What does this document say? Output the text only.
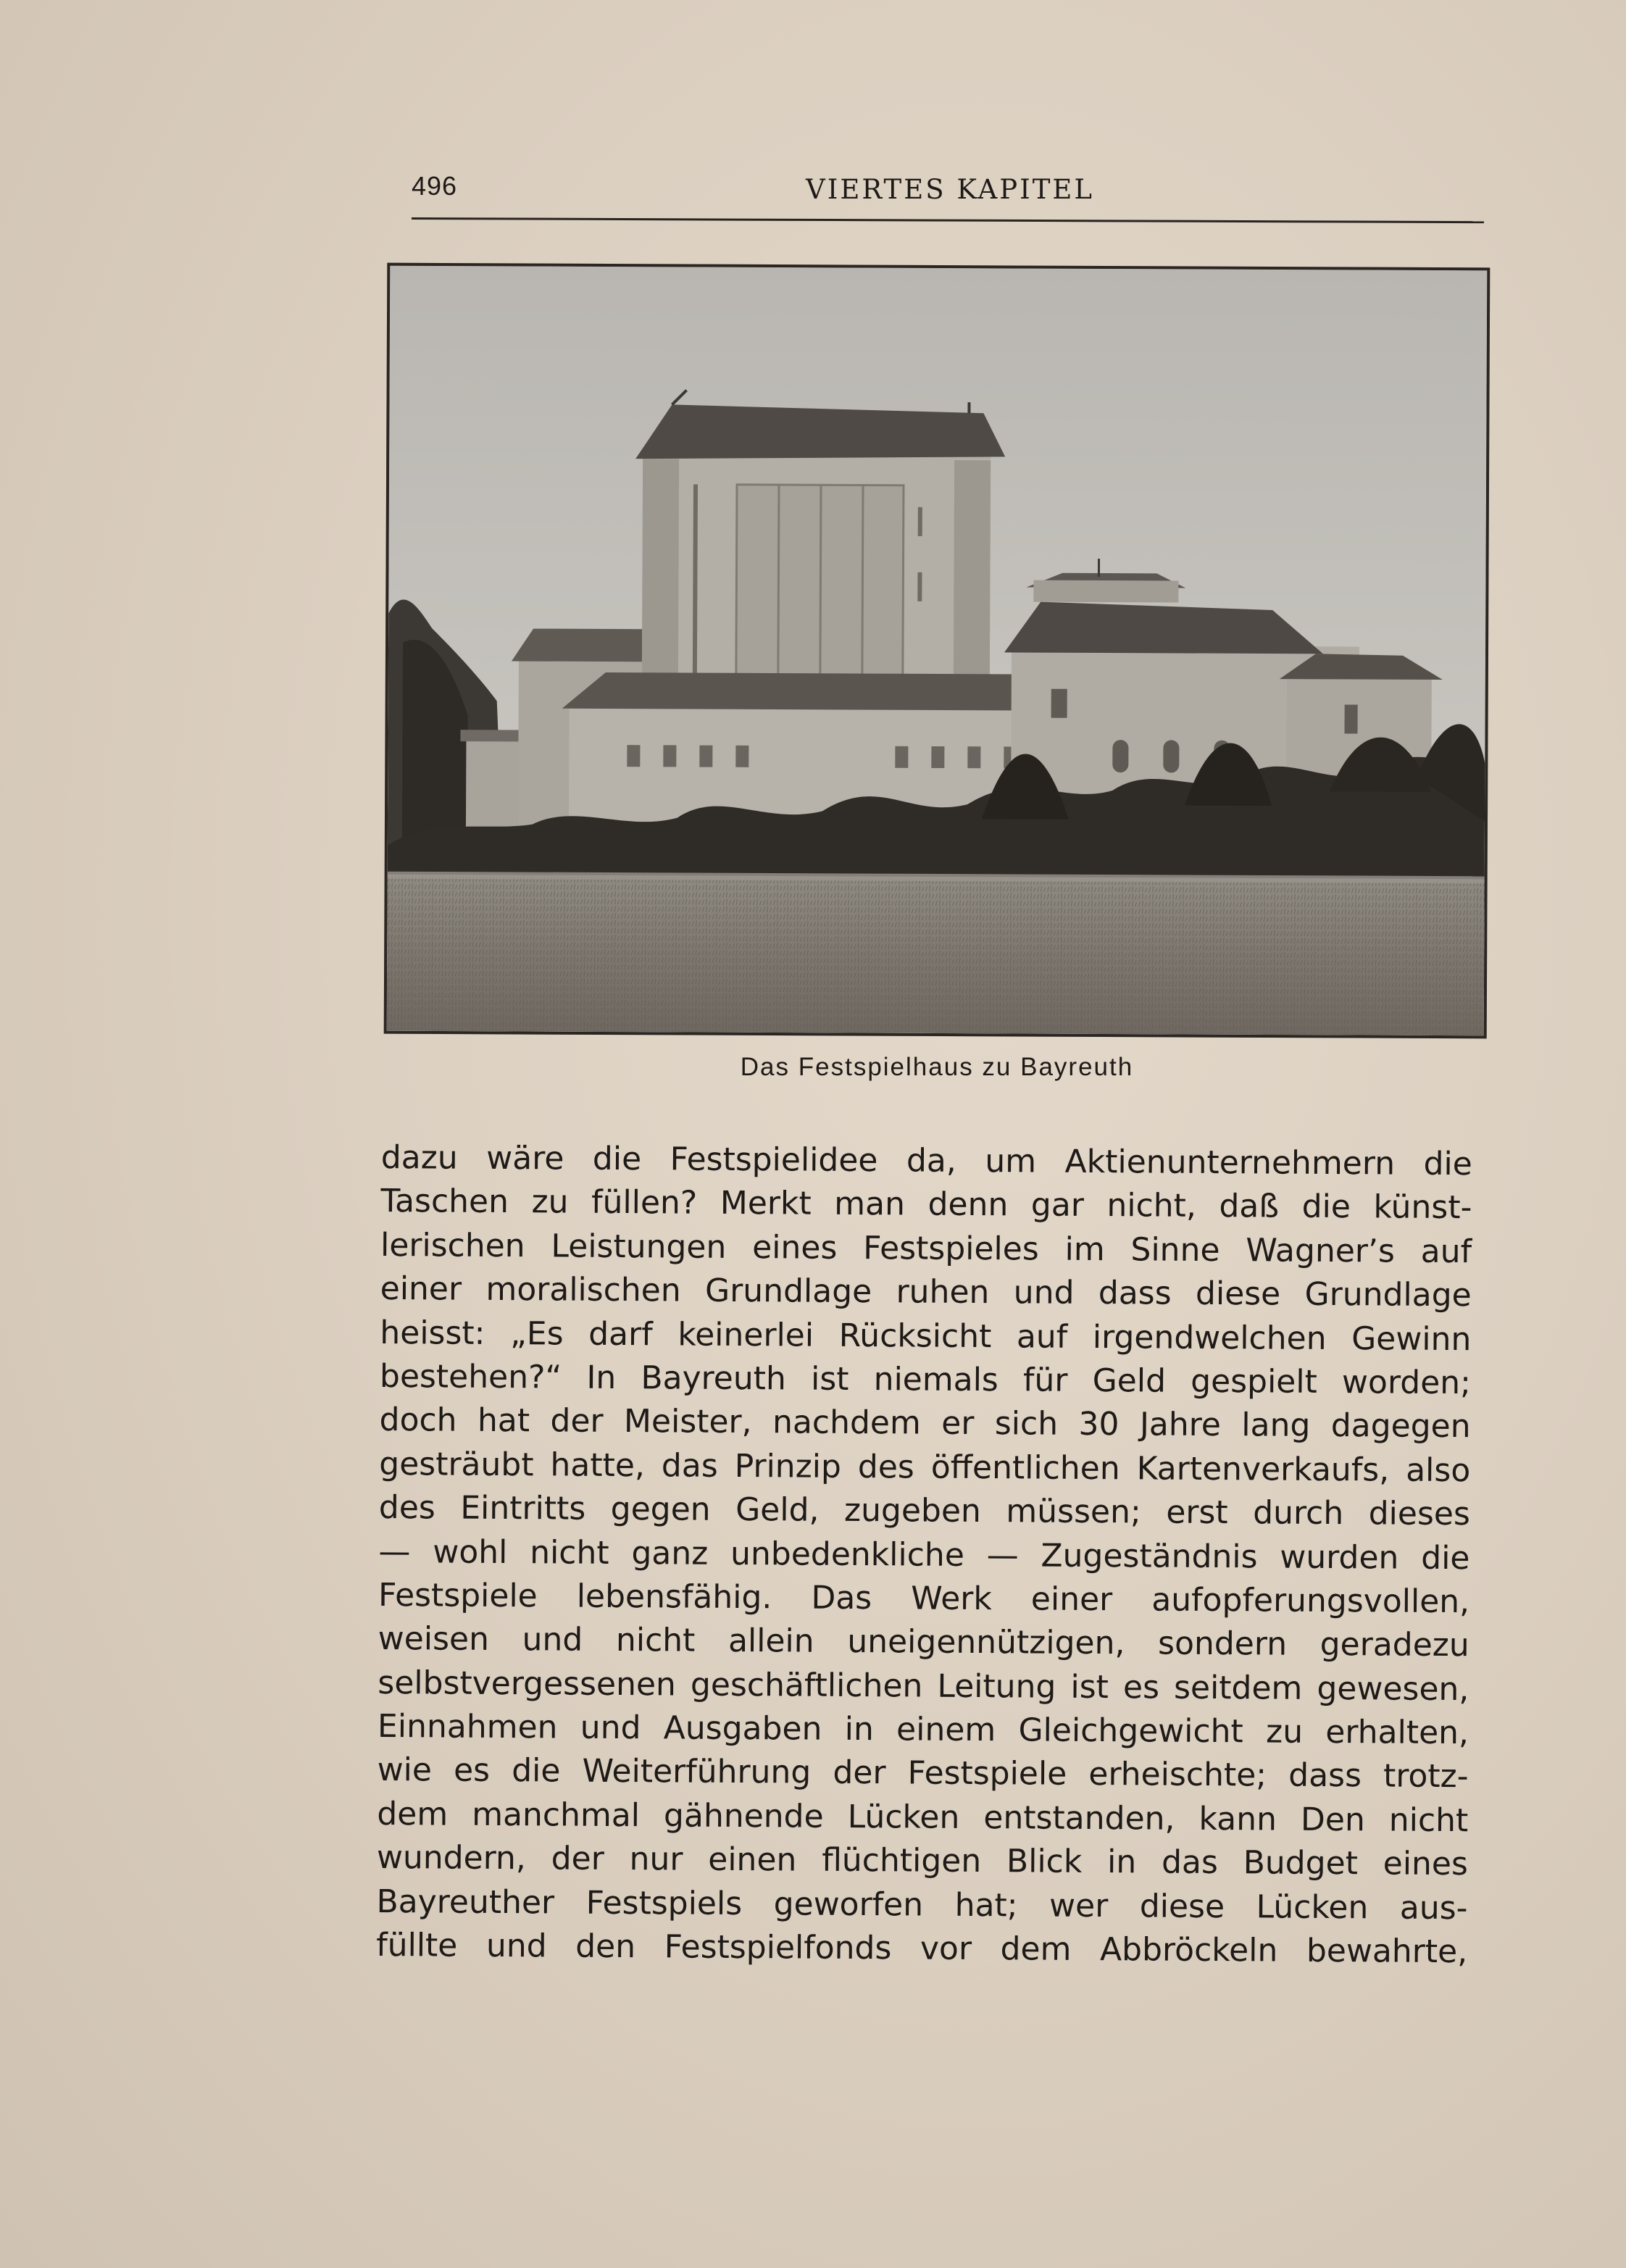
496	VIERTES KAPITEL
Das Festspielhaus zu Bayreuth
dazu wäre die Festspielidee da, um Aktienunternehmern die
Taschen zu füllen? Merkt man denn gar nicht, daß die künst-
lerischen Leistungen eines Festspieles im Sinne Wagner’s auf
einer moralischen Grundlage ruhen und dass diese Grundlage
heisst: „Es darf keinerlei Rücksicht auf irgendwelchen Gewinn
bestehen?“ In Bayreuth ist niemals für Geld gespielt worden;
doch hat der Meister, nachdem er sich 30 Jahre lang dagegen
gesträubt hatte, das Prinzip des öffentlichen Kartenverkaufs, also
des Eintritts gegen Geld, zugeben müssen; erst durch dieses
— wohl nicht ganz unbedenkliche — Zugeständnis wurden die
Festspiele lebensfähig. Das Werk einer aufopferungsvollen,
weisen und nicht allein uneigennützigen, sondern geradezu
selbstvergessenen geschäftlichen Leitung ist es seitdem gewesen,
Einnahmen und Ausgaben in einem Gleichgewicht zu erhalten,
wie es die Weiterführung der Festspiele erheischte; dass trotz-
dem manchmal gähnende Lücken entstanden, kann Den nicht
wundern, der nur einen flüchtigen Blick in das Budget eines
Bayreuther Festspiels geworfen hat; wer diese Lücken aus-
füllte und den Festspielfonds vor dem Abbröckeln bewahrte,
